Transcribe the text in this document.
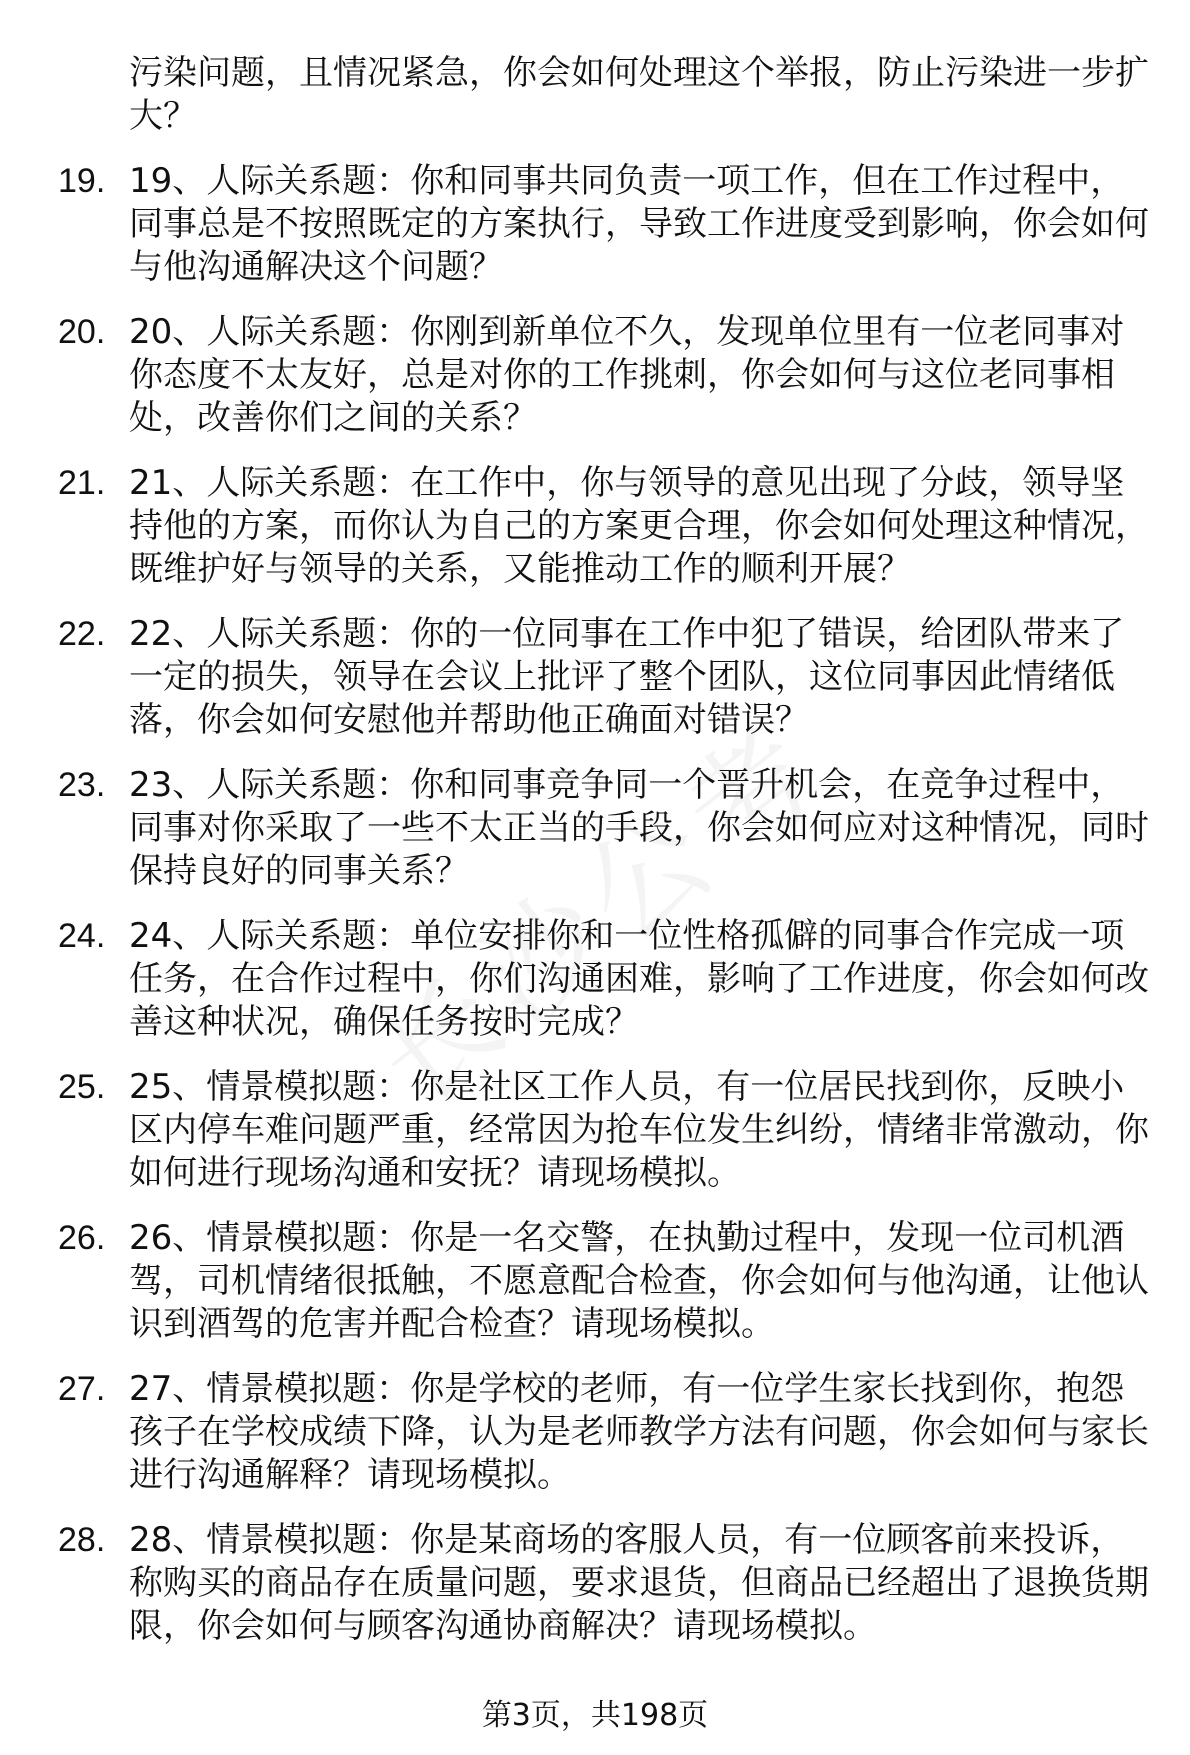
污染问题，且情况紧急，你会如何处理这个举报，防止污染进一步扩大？

19. 19、人际关系题：你和同事共同负责一项工作，但在工作过程中，同事总是不按照既定的方案执行，导致工作进度受到影响，你会如何与他沟通解决这个问题？

20. 20、人际关系题：你刚到新单位不久，发现单位里有一位老同事对你态度不太友好，总是对你的工作挑刺，你会如何与这位老同事相处，改善你们之间的关系？

21. 21、人际关系题：在工作中，你与领导的意见出现了分歧，领导坚持他的方案，而你认为自己的方案更合理，你会如何处理这种情况，既维护好与领导的关系，又能推动工作的顺利开展？

22. 22、人际关系题：你的一位同事在工作中犯了错误，给团队带来了一定的损失，领导在会议上批评了整个团队，这位同事因此情绪低落，你会如何安慰他并帮助他正确面对错误？

23. 23、人际关系题：你和同事竞争同一个晋升机会，在竞争过程中，同事对你采取了一些不太正当的手段，你会如何应对这种情况，同时保持良好的同事关系？

24. 24、人际关系题：单位安排你和一位性格孤僻的同事合作完成一项任务，在合作过程中，你们沟通困难，影响了工作进度，你会如何改善这种状况，确保任务按时完成？

25. 25、情景模拟题：你是社区工作人员，有一位居民找到你，反映小区内停车难问题严重，经常因为抢车位发生纠纷，情绪非常激动，你如何进行现场沟通和安抚？请现场模拟。

26. 26、情景模拟题：你是一名交警，在执勤过程中，发现一位司机酒驾，司机情绪很抵触，不愿意配合检查，你会如何与他沟通，让他认识到酒驾的危害并配合检查？请现场模拟。

27. 27、情景模拟题：你是学校的老师，有一位学生家长找到你，抱怨孩子在学校成绩下降，认为是老师教学方法有问题，你会如何与家长进行沟通解释？请现场模拟。

28. 28、情景模拟题：你是某商场的客服人员，有一位顾客前来投诉，称购买的商品存在质量问题，要求退货，但商品已经超出了退换货期限，你会如何与顾客沟通协商解决？请现场模拟。

第3页，共198页
